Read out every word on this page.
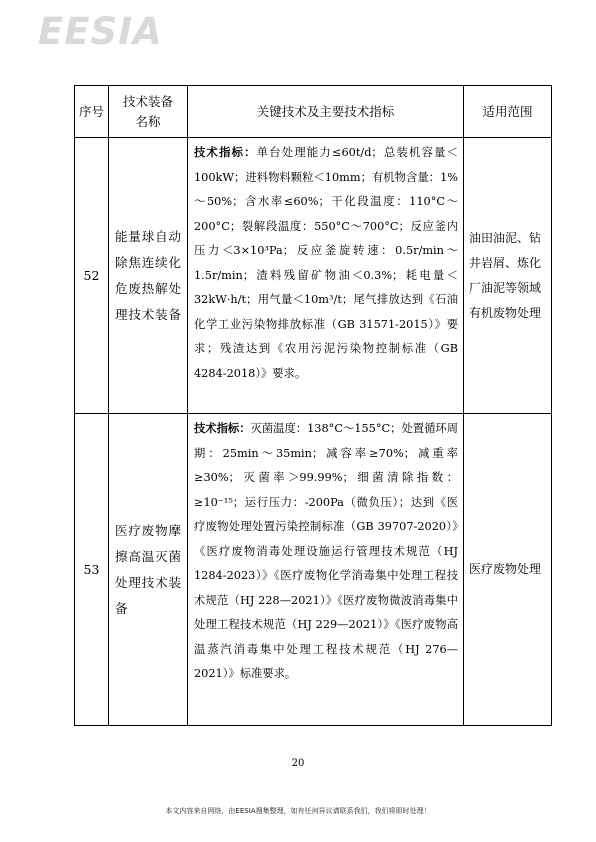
EESIA
序号	技术装备名称	关键技术及主要技术指标	适用范围
52	能量球自动除焦连续化危废热解处理技术装备	技术指标：单台处理能力≤60t/d；总装机容量＜100kW；进料物料颗粒＜10mm；有机物含量：1%～50%；含水率≤60%；干化段温度：110°C～200°C；裂解段温度：550°C～700°C；反应釜内压力＜3×10³Pa；反应釜旋转速：0.5r/min～1.5r/min；渣料残留矿物油＜0.3%；耗电量＜32kW·h/t；用气量＜10m³/t；尾气排放达到《石油化学工业污染物排放标准（GB 31571-2015）》要求；残渣达到《农用污泥污染物控制标准（GB 4284-2018）》要求。	油田油泥、钻井岩屑、炼化厂油泥等领域有机废物处理
53	医疗废物摩擦高温灭菌处理技术装备	技术指标：灭菌温度：138°C～155°C；处置循环周期：25min～35min；减容率≥70%；减重率≥30%；灭菌率＞99.99%；细菌清除指数：≥10⁻¹⁵；运行压力：-200Pa（微负压）；达到《医疗废物处理处置污染控制标准（GB 39707-2020）》《医疗废物消毒处理设施运行管理技术规范（HJ 1284-2023）》《医疗废物化学消毒集中处理工程技术规范（HJ 228—2021）》《医疗废物微波消毒集中处理工程技术规范（HJ 229—2021）》《医疗废物高温蒸汽消毒集中处理工程技术规范（HJ 276—2021）》标准要求。	医疗废物处理
20
本文内容来自网络，由EESIA搜集整理，如有任何异议请联系我们，我们将即时处理！
